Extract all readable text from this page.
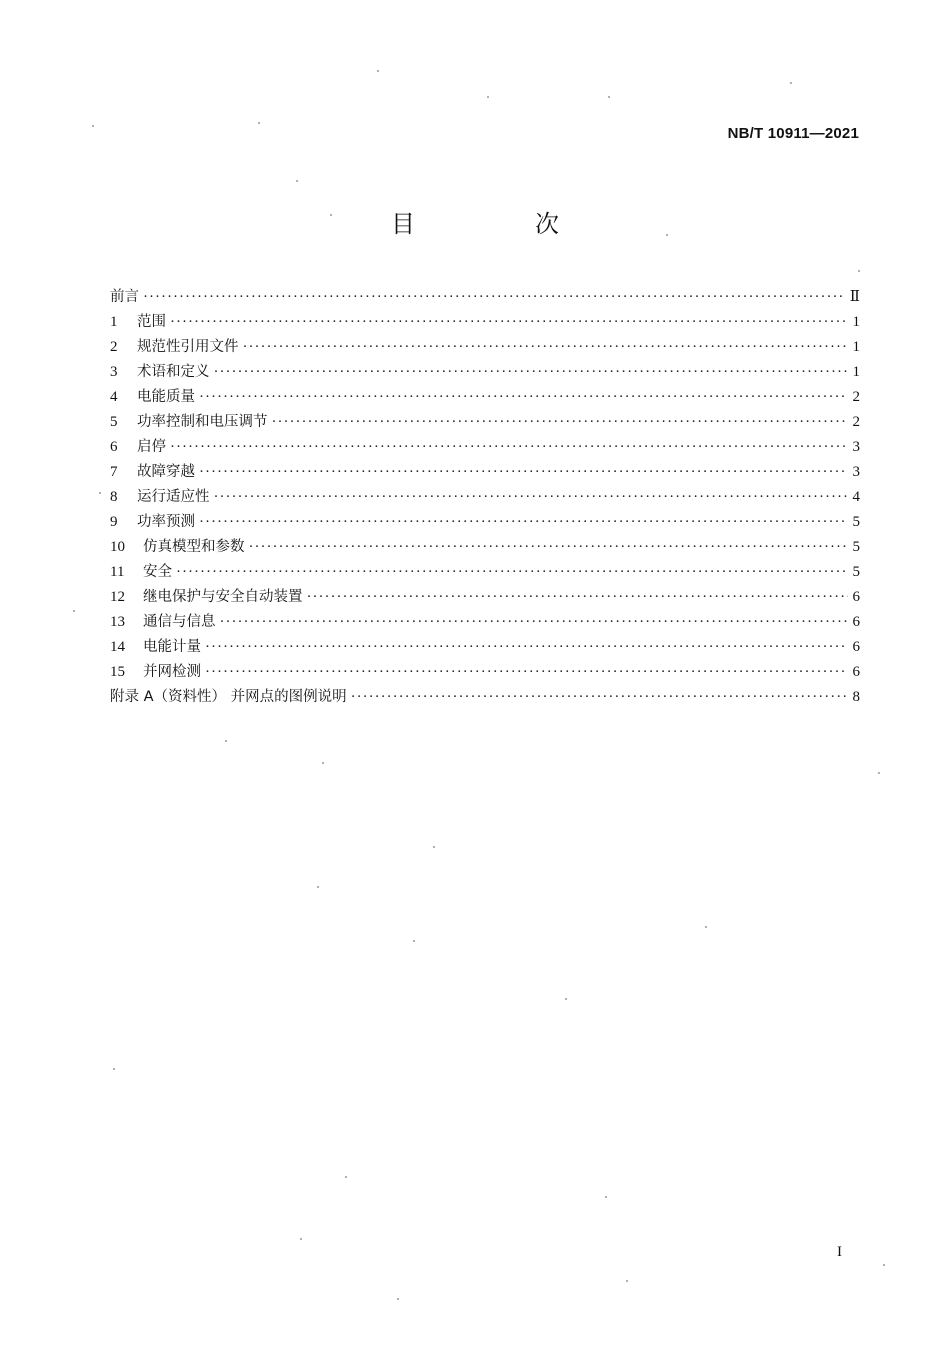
NB/T 10911—2021
目　次
前言 ·····	Ⅱ
1	范围 ·····	1
2	规范性引用文件 ·····	1
3	术语和定义 ·····	1
4	电能质量 ·····	2
5	功率控制和电压调节 ·····	2
6	启停 ·····	3
7	故障穿越 ·····	3
8	运行适应性 ·····	4
9	功率预测 ·····	5
10	仿真模型和参数 ·····	5
11	安全 ·····	5
12	继电保护与安全自动装置 ·····	6
13	通信与信息 ·····	6
14	电能计量 ·····	6
15	并网检测 ·····	6
附录 A（资料性） 并网点的图例说明 ·····	8
I
